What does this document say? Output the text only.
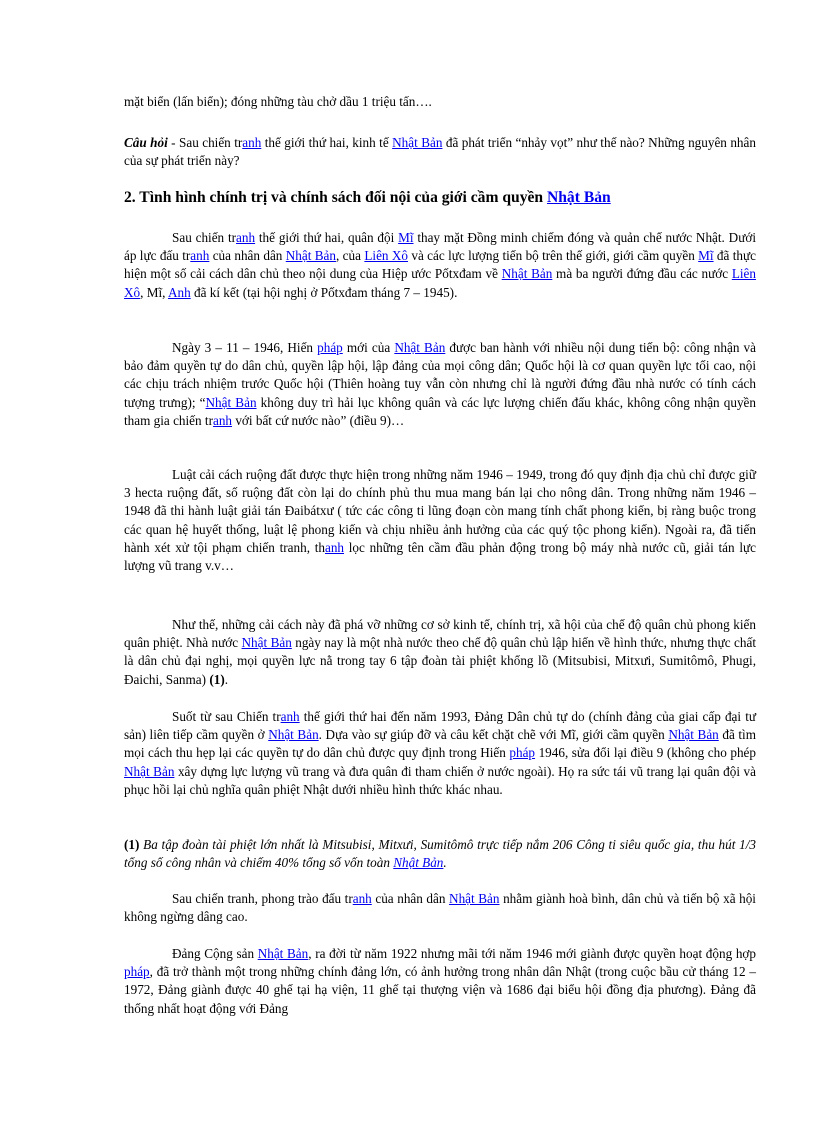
mặt biển (lấn biển); đóng những tàu chở dầu 1 triệu tấn….
Câu hỏi - Sau chiến tranh thế giới thứ hai, kinh tế Nhật Bản đã phát triển “nhảy vọt” như thế nào? Những nguyên nhân của sự phát triển này?
2. Tình hình chính trị và chính sách đối nội của giới cầm quyền Nhật Bản
Sau chiến tranh thế giới thứ hai, quân đội Mĩ thay mặt Đồng minh chiếm đóng và quản chế nước Nhật. Dưới áp lực đấu tranh của nhân dân Nhật Bản, của Liên Xô và các lực lượng tiến bộ trên thế giới, giới cầm quyền Mĩ đã thực hiện một số cải cách dân chủ theo nội dung của Hiệp ước Pốtxđam về Nhật Bản mà ba người đứng đầu các nước Liên Xô, Mĩ, Anh đã kí kết (tại hội nghị ở Pốtxđam tháng 7 – 1945).
Ngày 3 – 11 – 1946, Hiến pháp mới của Nhật Bản được ban hành với nhiều nội dung tiến bộ: công nhận và bảo đảm quyền tự do dân chủ, quyền lập hội, lập đảng của mọi công dân; Quốc hội là cơ quan quyền lực tối cao, nội các chịu trách nhiệm trước Quốc hội (Thiên hoàng tuy vẫn còn nhưng chỉ là người đứng đầu nhà nước có tính cách tượng trưng); “Nhật Bản không duy trì hải lục không quân và các lực lượng chiến đấu khác, không công nhận quyền tham gia chiến tranh với bất cứ nước nào” (điều 9)…
Luật cải cách ruộng đất được thực hiện trong những năm 1946 – 1949, trong đó quy định địa chủ chỉ được giữ 3 hecta ruộng đất, số ruộng đất còn lại do chính phủ thu mua mang bán lại cho nông dân. Trong những năm 1946 – 1948 đã thi hành luật giải tán Đaibátxư ( tức các công ti lũng đoạn còn mang tính chất phong kiến, bị ràng buộc trong các quan hệ huyết thống, luật lệ phong kiến và chịu nhiều ảnh hưởng của các quý tộc phong kiến). Ngoài ra, đã tiến hành xét xử tội phạm chiến tranh, thanh lọc những tên cầm đầu phản động trong bộ máy nhà nước cũ, giải tán lực lượng vũ trang v.v…
Như thế, những cải cách này đã phá vỡ những cơ sở kinh tế, chính trị, xã hội của chế độ quân chủ phong kiến quân phiệt. Nhà nước Nhật Bản ngày nay là một nhà nước theo chế độ quân chủ lập hiến về hình thức, nhưng thực chất là dân chủ đại nghị, mọi quyền lực nằ trong tay 6 tập đoàn tài phiệt khổng lồ (Mitsubisi, Mitxưi, Sumitômô, Phugi, Đaichi, Sanma) (1).
Suốt từ sau Chiến tranh thế giới thứ hai đến năm 1993, Đảng Dân chủ tự do (chính đảng của giai cấp đại tư sản) liên tiếp cầm quyền ở Nhật Bản. Dựa vào sự giúp đỡ và câu kết chặt chẽ với Mĩ, giới cầm quyền Nhật Bản đã tìm mọi cách thu hẹp lại các quyền tự do dân chủ được quy định trong Hiến pháp 1946, sửa đổi lại điều 9 (không cho phép Nhật Bản xây dựng lực lượng vũ trang và đưa quân đi tham chiến ở nước ngoài). Họ ra sức tái vũ trang lại quân đội và phục hồi lại chủ nghĩa quân phiệt Nhật dưới nhiều hình thức khác nhau.
(1) Ba tập đoàn tài phiệt lớn nhất là Mitsubisi, Mitxưi, Sumitômô trực tiếp nắm 206 Công ti siêu quốc gia, thu hút 1/3 tổng số công nhân và chiếm 40% tổng số vốn toàn Nhật Bản.
Sau chiến tranh, phong trào đấu tranh của nhân dân Nhật Bản nhằm giành hoà bình, dân chủ và tiến bộ xã hội không ngừng dâng cao.
Đảng Cộng sản Nhật Bản, ra đời từ năm 1922 nhưng mãi tới năm 1946 mới giành được quyền hoạt động hợp pháp, đã trở thành một trong những chính đảng lớn, có ảnh hưởng trong nhân dân Nhật (trong cuộc bầu cử tháng 12 – 1972, Đảng giành được 40 ghế tại hạ viện, 11 ghế tại thượng viện và 1686 đại biểu hội đồng địa phương). Đảng đã thống nhất hoạt động với Đảng
